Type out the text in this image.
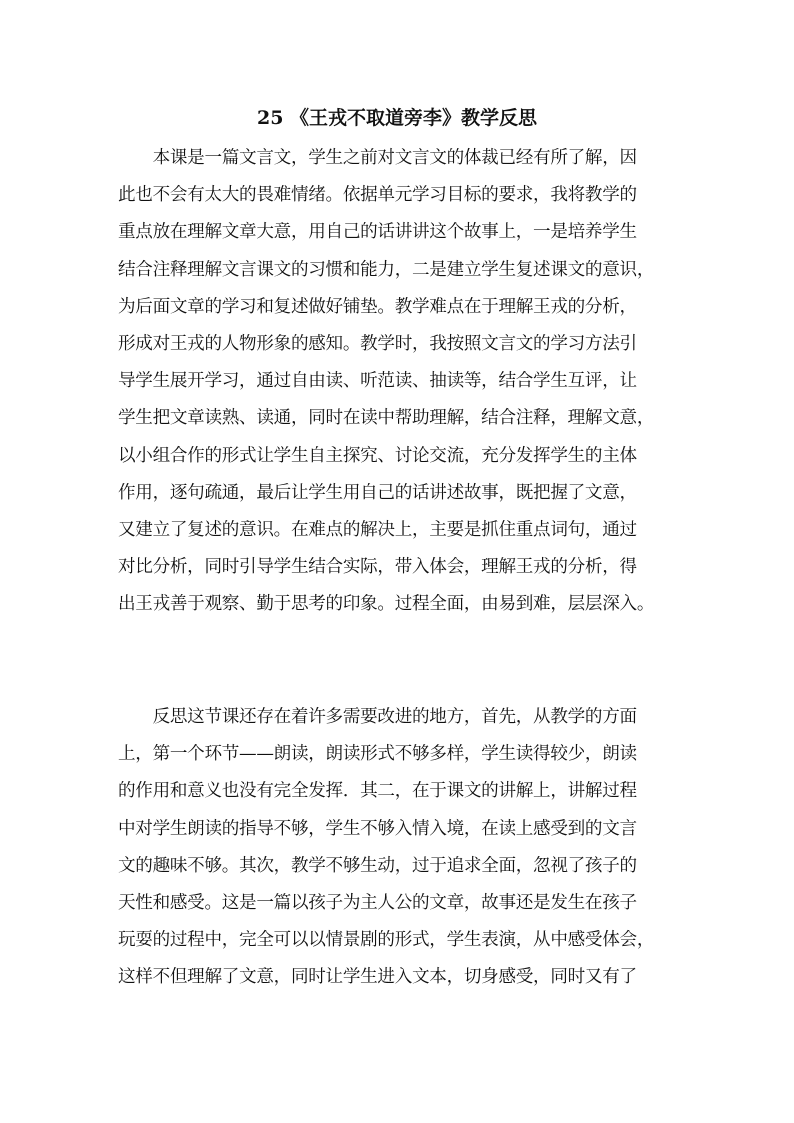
25 《王戎不取道旁李》教学反思
　　本课是一篇文言文，学生之前对文言文的体裁已经有所了解，因
此也不会有太大的畏难情绪。依据单元学习目标的要求，我将教学的
重点放在理解文章大意，用自己的话讲讲这个故事上，一是培养学生
结合注释理解文言课文的习惯和能力，二是建立学生复述课文的意识，
为后面文章的学习和复述做好铺垫。教学难点在于理解王戎的分析，
形成对王戎的人物形象的感知。教学时，我按照文言文的学习方法引
导学生展开学习，通过自由读、听范读、抽读等，结合学生互评，让
学生把文章读熟、读通，同时在读中帮助理解，结合注释，理解文意，
以小组合作的形式让学生自主探究、讨论交流，充分发挥学生的主体
作用，逐句疏通，最后让学生用自己的话讲述故事，既把握了文意，
又建立了复述的意识。在难点的解决上，主要是抓住重点词句，通过
对比分析，同时引导学生结合实际，带入体会，理解王戎的分析，得
出王戎善于观察、勤于思考的印象。过程全面，由易到难，层层深入。
　　反思这节课还存在着许多需要改进的地方，首先，从教学的方面
上，第一个环节——朗读，朗读形式不够多样，学生读得较少，朗读
的作用和意义也没有完全发挥．其二，在于课文的讲解上，讲解过程
中对学生朗读的指导不够，学生不够入情入境，在读上感受到的文言
文的趣味不够。其次，教学不够生动，过于追求全面，忽视了孩子的
天性和感受。这是一篇以孩子为主人公的文章，故事还是发生在孩子
玩耍的过程中，完全可以以情景剧的形式，学生表演，从中感受体会，
这样不但理解了文意，同时让学生进入文本，切身感受，同时又有了
